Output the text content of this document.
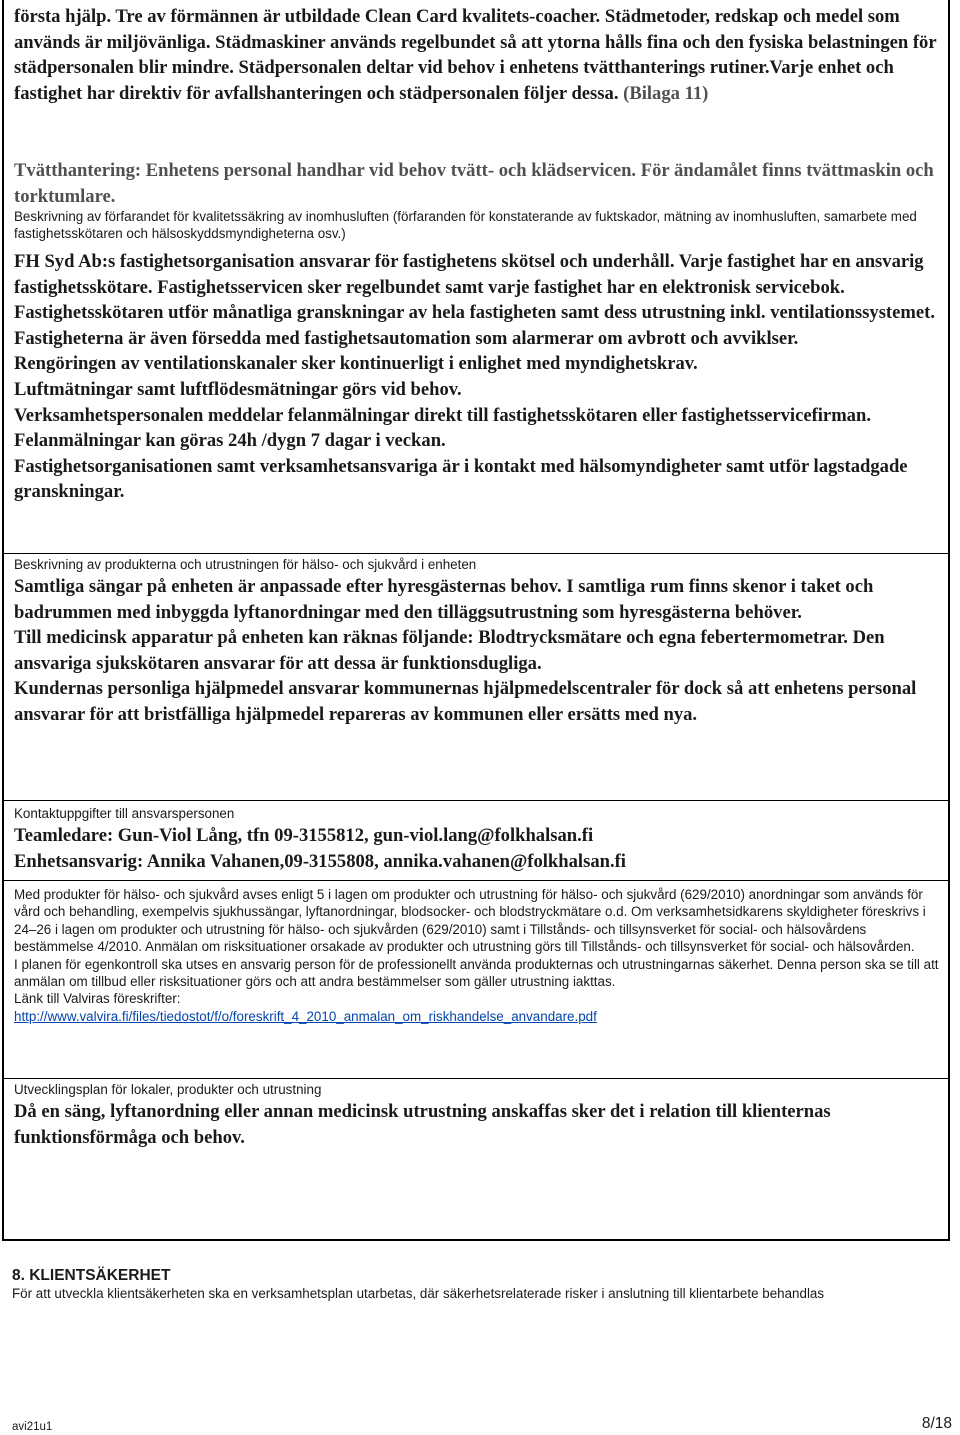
första hjälp. Tre av förmännen är utbildade Clean Card kvalitets-coacher. Städmetoder, redskap och medel som används är miljövänliga. Städmaskiner används regelbundet så att ytorna hålls fina och den fysiska belastningen för städpersonalen blir mindre. Städpersonalen deltar vid behov i enhetens tvätthanterings rutiner.Varje enhet och fastighet har direktiv för avfallshanteringen och städpersonalen följer dessa. (Bilaga 11)

Tvätthantering: Enhetens personal handhar vid behov tvätt- och klädservicen. För ändamålet finns tvättmaskin och torktumlare.

Beskrivning av förfarandet för kvalitetssäkring av inomhusluften (förfaranden för konstaterande av fuktskador, mätning av inomhusluften, samarbete med fastighetsskötaren och hälsoskyddsmyndigheterna osv.)

FH Syd Ab:s fastighetsorganisation ansvarar för fastighetens skötsel och underhåll. Varje fastighet har en ansvarig fastighetsskötare. Fastighetsservicen sker regelbundet samt varje fastighet har en elektronisk servicebok. Fastighetsskötaren utför månatliga granskningar av hela fastigheten samt dess utrustning inkl. ventilationssystemet.

Fastigheterna är även försedda med fastighetsautomation som alarmerar om avbrott och avviklser.

Rengöringen av ventilationskanaler sker kontinuerligt i enlighet med myndighetskrav.

Luftmätningar samt luftflödesmätningar görs vid behov.

Verksamhetspersonalen meddelar felanmälningar direkt till fastighetsskötaren eller fastighetsservicefirman. Felanmälningar kan göras 24h /dygn 7 dagar i veckan.

Fastighetsorganisationen samt verksamhetsansvariga är i kontakt med hälsomyndigheter samt utför lagstadgade granskningar.

Beskrivning av produkterna och utrustningen för hälso- och sjukvård i enheten

Samtliga sängar på enheten är anpassade efter hyresgästernas behov. I samtliga rum finns skenor i taket och badrummen med inbyggda lyftanordningar med den tilläggsutrustning som hyresgästerna behöver.

Till medicinsk apparatur på enheten kan räknas följande: Blodtrycksmätare och egna febertermometrar. Den ansvariga sjukskötaren ansvarar för att dessa är funktionsdugliga.

Kundernas personliga hjälpmedel ansvarar kommunernas hjälpmedelscentraler för dock så att enhetens personal ansvarar för att bristfälliga hjälpmedel repareras av kommunen eller ersätts med nya.

Kontaktuppgifter till ansvarspersonen

Teamledare: Gun-Viol Lång, tfn 09-3155812, gun-viol.lang@folkhalsan.fi

Enhetsansvarig: Annika Vahanen,09-3155808, annika.vahanen@folkhalsan.fi

Med produkter för hälso- och sjukvård avses enligt 5 i lagen om produkter och utrustning för hälso- och sjukvård (629/2010) anordningar som används för vård och behandling, exempelvis sjukhussängar, lyftanordningar, blodsocker- och blodstryckmätare o.d. Om verksamhetsidkarens skyldigheter föreskrivs i 24–26 i lagen om produkter och utrustning för hälso- och sjukvården (629/2010) samt i Tillstånds- och tillsynsverket för social- och hälsovårdens bestämmelse 4/2010. Anmälan om risksituationer orsakade av produkter och utrustning görs till Tillstånds- och tillsynsverket för social- och hälsovården.

I planen för egenkontroll ska utses en ansvarig person för de professionellt använda produkternas och utrustningarnas säkerhet. Denna person ska se till att anmälan om tillbud eller risksituationer görs och att andra bestämmelser som gäller utrustning iakttas.

Länk till Valviras föreskrifter:

http://www.valvira.fi/files/tiedostot/f/o/foreskrift_4_2010_anmalan_om_riskhandelse_anvandare.pdf

Utvecklingsplan för lokaler, produkter och utrustning

Då en säng, lyftanordning eller annan medicinsk utrustning anskaffas sker det i relation till klienternas funktionsförmåga och behov.

8. KLIENTSÄKERHET

För att utveckla klientsäkerheten ska en verksamhetsplan utarbetas, där säkerhetsrelaterade risker i anslutning till klientarbete behandlas

avi21u1	8/18
